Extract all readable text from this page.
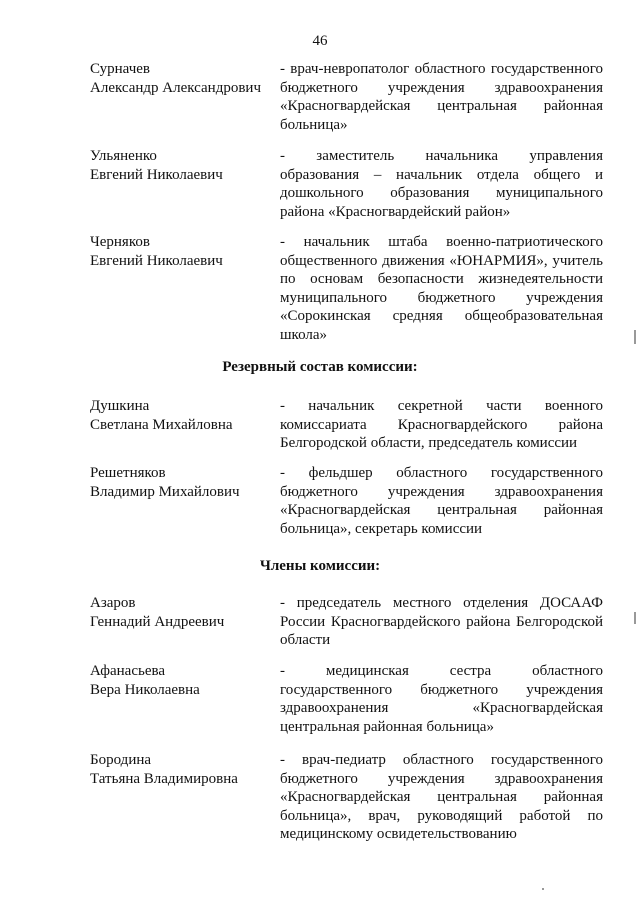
46
Сурначев
Александр Александрович
- врач-невропатолог областного государственного бюджетного учреждения здравоохранения «Красногвардейская центральная районная больница»
Ульяненко
Евгений Николаевич
- заместитель начальника управления образования – начальник отдела общего и дошкольного образования муниципального района «Красногвардейский район»
Черняков
Евгений Николаевич
- начальник штаба военно-патриотического общественного движения «ЮНАРМИЯ», учитель по основам безопасности жизнедеятельности муниципального бюджетного учреждения «Сорокинская средняя общеобразовательная школа»
Резервный состав комиссии:
Душкина
Светлана Михайловна
- начальник секретной части военного комиссариата Красногвардейского района Белгородской области, председатель комиссии
Решетняков
Владимир Михайлович
- фельдшер областного государственного бюджетного учреждения здравоохранения «Красногвардейская центральная районная больница», секретарь комиссии
Члены комиссии:
Азаров
Геннадий Андреевич
- председатель местного отделения ДОСААФ России Красногвардейского района Белгородской области
Афанасьева
Вера Николаевна
- медицинская сестра областного государственного бюджетного учреждения здравоохранения «Красногвардейская центральная районная больница»
Бородина
Татьяна Владимировна
- врач-педиатр областного государственного бюджетного учреждения здравоохранения «Красногвардейская центральная районная больница», врач, руководящий работой по медицинскому освидетельствованию
